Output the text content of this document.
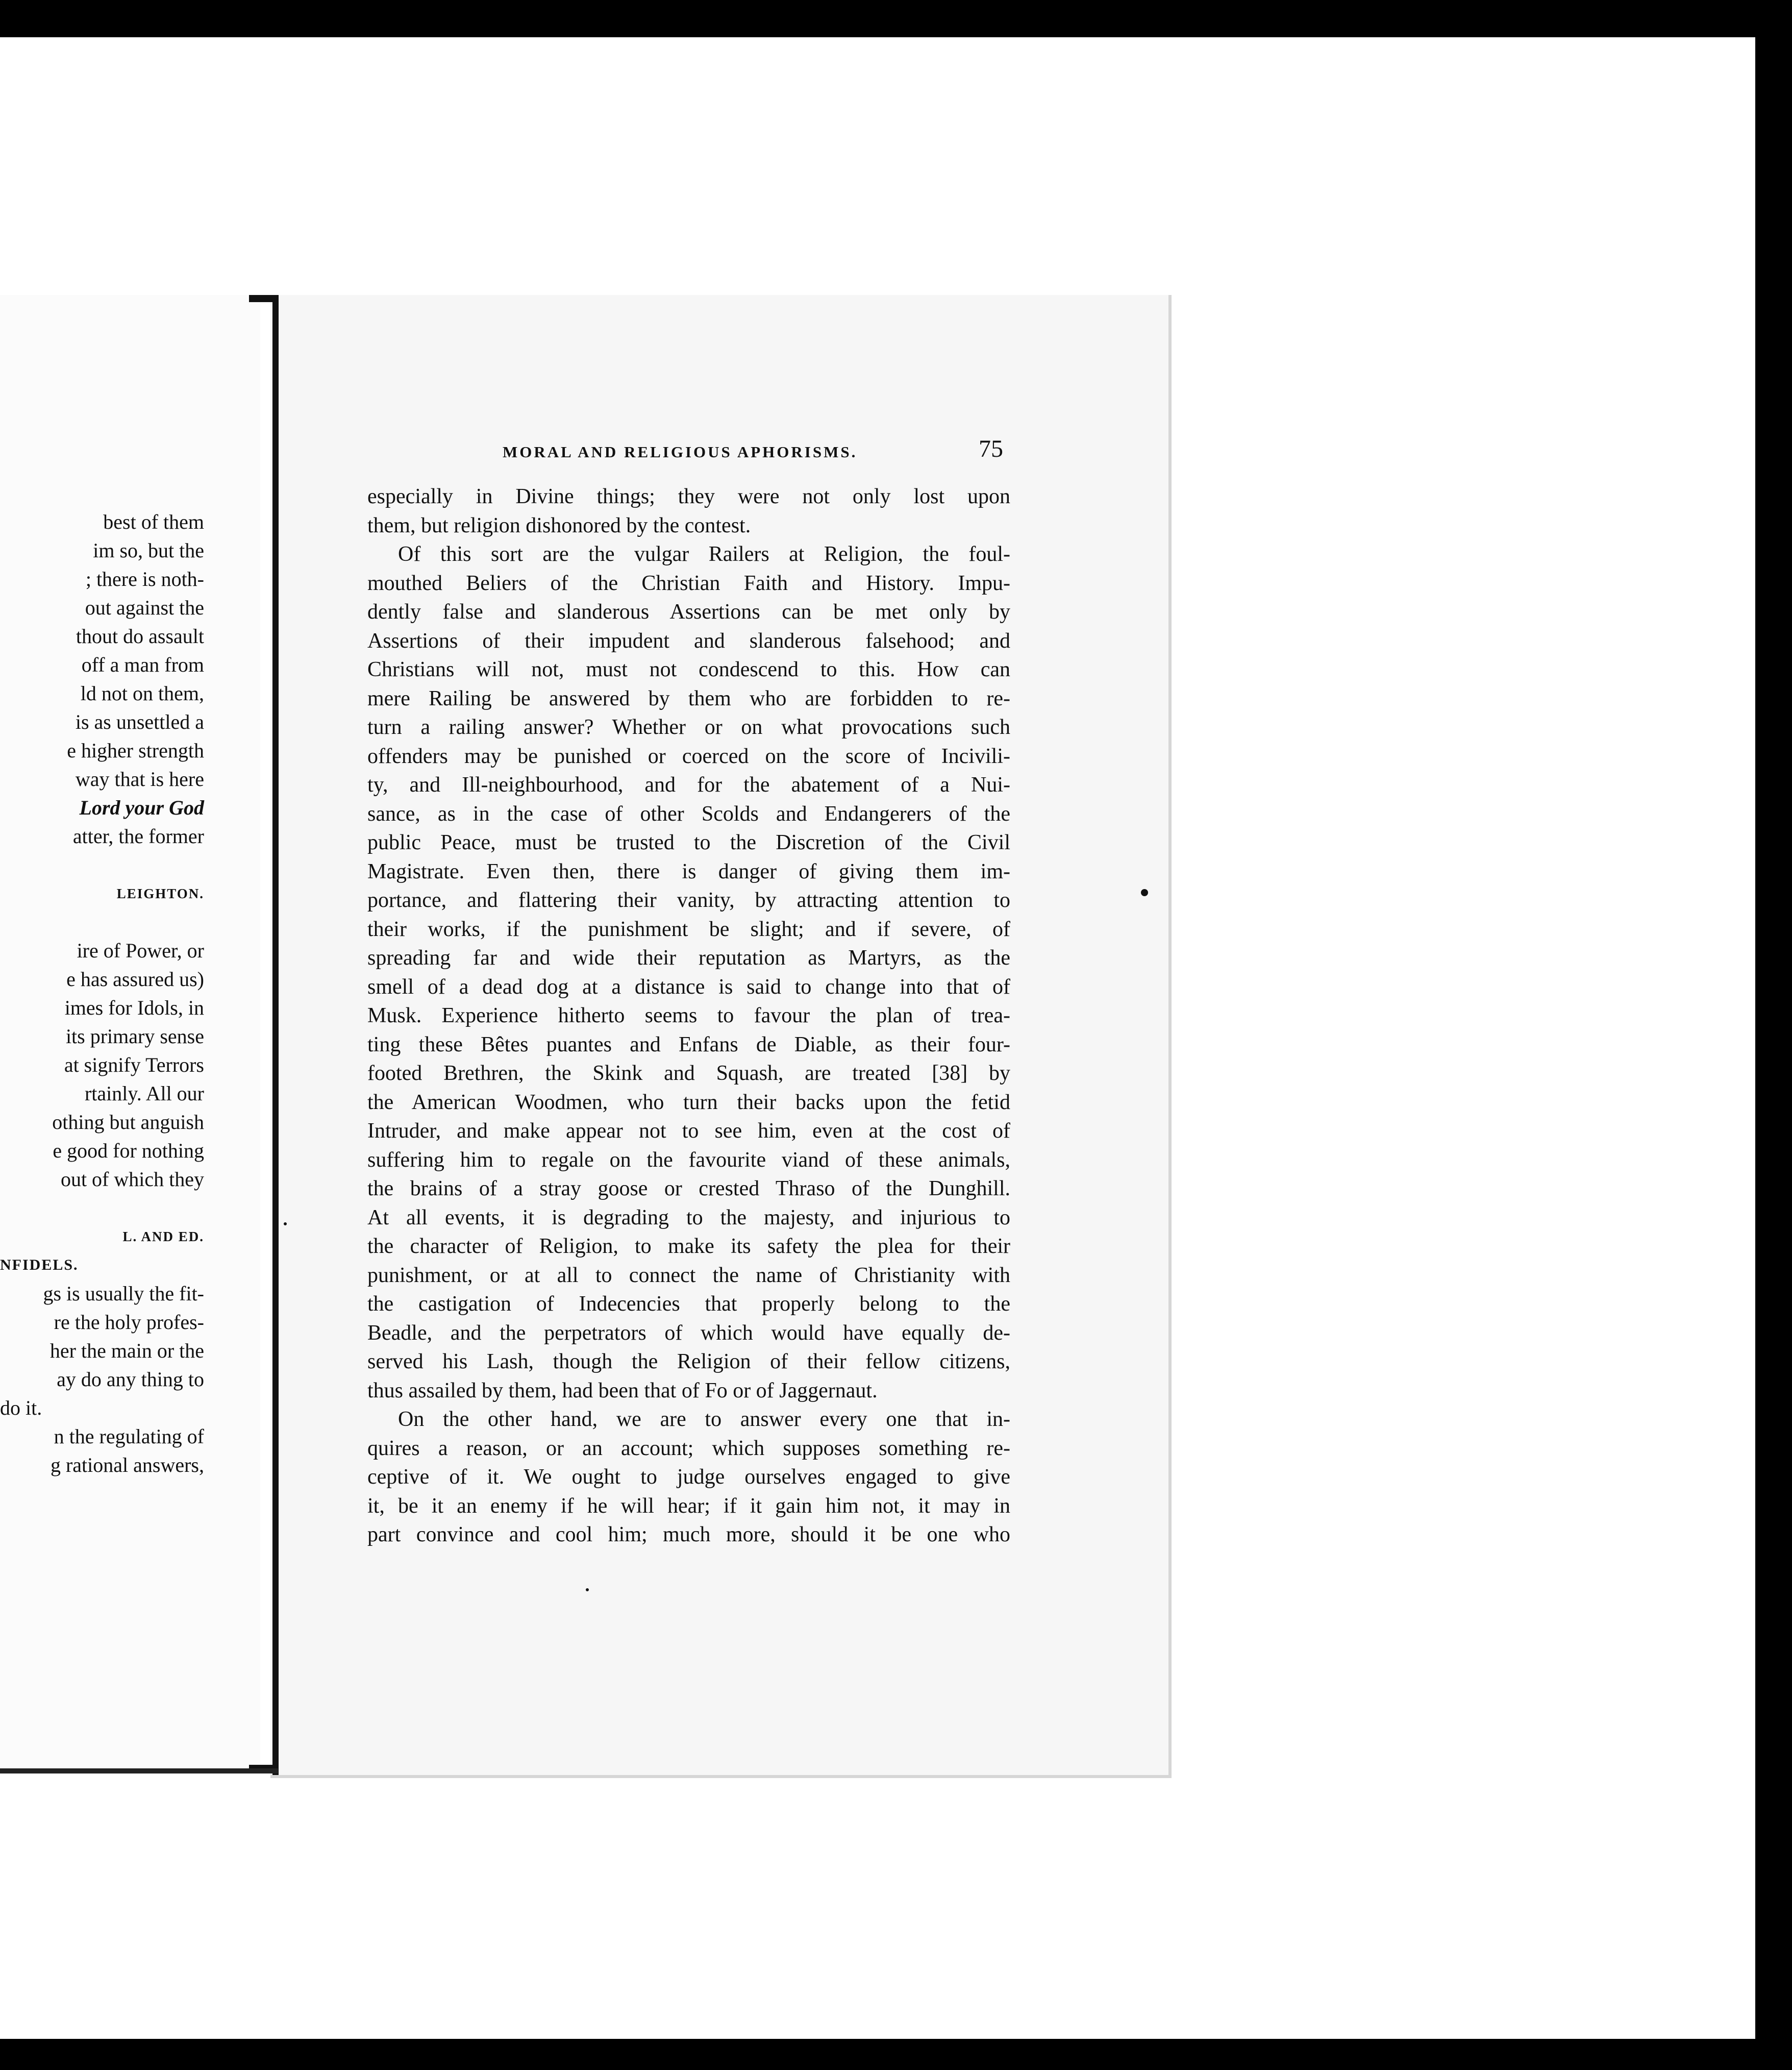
best of them
im so, but the
; there is noth-
out against the
thout do assault
off a man from
ld not on them,
is as unsettled a
e higher strength
way that is here
Lord your God
atter, the former
LEIGHTON.
ire of Power, or
e has assured us)
imes for Idols, in
its primary sense
at signify Terrors
rtainly. All our
othing but anguish
e good for nothing
out of which they
L. AND ED.
NFIDELS.
gs is usually the fit-
re the holy profes-
her the main or the
ay do any thing to
do it.
n the regulating of
g rational answers,
MORAL AND RELIGIOUS APHORISMS.	75
especially in Divine things; they were not only lost upon
them, but religion dishonored by the contest.
Of this sort are the vulgar Railers at Religion, the foul-
mouthed Beliers of the Christian Faith and History. Impu-
dently false and slanderous Assertions can be met only by
Assertions of their impudent and slanderous falsehood; and
Christians will not, must not condescend to this. How can
mere Railing be answered by them who are forbidden to re-
turn a railing answer? Whether or on what provocations such
offenders may be punished or coerced on the score of Incivili-
ty, and Ill-neighbourhood, and for the abatement of a Nui-
sance, as in the case of other Scolds and Endangerers of the
public Peace, must be trusted to the Discretion of the Civil
Magistrate. Even then, there is danger of giving them im-
portance, and flattering their vanity, by attracting attention to
their works, if the punishment be slight; and if severe, of
spreading far and wide their reputation as Martyrs, as the
smell of a dead dog at a distance is said to change into that of
Musk. Experience hitherto seems to favour the plan of trea-
ting these Bêtes puantes and Enfans de Diable, as their four-
footed Brethren, the Skink and Squash, are treated [38] by
the American Woodmen, who turn their backs upon the fetid
Intruder, and make appear not to see him, even at the cost of
suffering him to regale on the favourite viand of these animals,
the brains of a stray goose or crested Thraso of the Dunghill.
At all events, it is degrading to the majesty, and injurious to
the character of Religion, to make its safety the plea for their
punishment, or at all to connect the name of Christianity with
the castigation of Indecencies that properly belong to the
Beadle, and the perpetrators of which would have equally de-
served his Lash, though the Religion of their fellow citizens,
thus assailed by them, had been that of Fo or of Jaggernaut.
On the other hand, we are to answer every one that in-
quires a reason, or an account; which supposes something re-
ceptive of it. We ought to judge ourselves engaged to give
it, be it an enemy if he will hear; if it gain him not, it may in
part convince and cool him; much more, should it be one who
